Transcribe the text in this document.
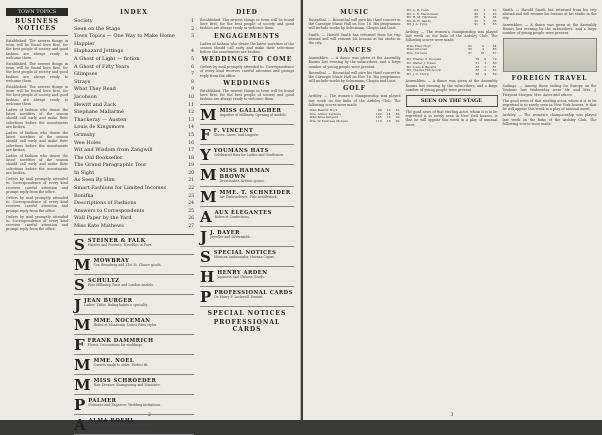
TOWN TOPICS
BUSINESS NOTICES
Established. The newest things in town will be found here first, for the best people of society and good fashion are always ready to welcome them.
Established. The newest things in town will be found here first, for the best people of society and good fashion are always ready to welcome them.
Established. The newest things in town will be found here first, for the best people of society and good fashion are always ready to welcome them.
Ladies of fashion who desire the latest novelties of the season should call early and make their selections before the assortments are broken.
Ladies of fashion who desire the latest novelties of the season should call early and make their selections before the assortments are broken.
Ladies of fashion who desire the latest novelties of the season should call early and make their selections before the assortments are broken.
Orders by mail promptly attended to. Correspondence of every kind receives careful attention and prompt reply from the office.
Orders by mail promptly attended to. Correspondence of every kind receives careful attention and prompt reply from the office.
Orders by mail promptly attended to. Correspondence of every kind receives careful attention and prompt reply from the office.
INDEX
Society	1
Seen on the Stage	2
Town Topics — One Way to Make Home Happier
3
Haphazard Jottings	4
A Ghost of Light — fiction	5
A Ghost of Fifty Years	6
Glimpses	7
Strays	8
What They Read	9
Jacobson	10
Hewitt and Zack	11
Stephane Mallarmé	12
Thackeray — Austen	13
Louis de Kingsmore	14
Grimsby	15
Wee Holes	16
Wit and Wisdom from Zangwill	17
The Old Bookseller	18
The Grand Paragraphic Tour	19
In Sight	20
As Seen By Him	21
Smart Fashions for Limited Incomes	22
Bonifka	23
Descriptions of Fashions	24
Answers to Correspondents	25
Wall Paper by the Yard	26
Miss Kate Mathews	27
S STEINER & FALK
Hatters and Furriers. Novelties in Furs.
M MOWBRAY
Cor. Broadway and 31st St. Choice goods.
S SCHULTZ
Fine Millinery. Paris and London models.
J JEAN BURGER
Ladies' Tailor. Riding habits a specialty.
M MME. NOCEMAN
Robes et Manteaux. Latest Paris styles.
F FRANK DAMMRICH
Florist. Decorations for weddings.
M MME. NOEL
Corsets made to order. Perfect fit.
M MISS SCHROEDER
Hair Dresser. Shampooing and Manicure.
P PALMER
Stationer and Engraver. Wedding invitations.
A ALMA BOEHL
Gowns. Smart costumes for all occasions.
DIED
Established. The newest things in town will be found here first, for the best people of society and good fashion are always ready to welcome them.
ENGAGEMENTS
Ladies of fashion who desire the latest novelties of the season should call early and make their selections before the assortments are broken.
WEDDINGS TO COME
Orders by mail promptly attended to. Correspondence of every kind receives careful attention and prompt reply from the office.
WEDDINGS
Established. The newest things in town will be found here first, for the best people of society and good fashion are always ready to welcome them.
M MISS GALLAGHER
Importer of Millinery. Opening of models.
F F. VINCENT
Gloves, Laces, and Lingerie.
Y YOUMANS HATS
Celebrated Hats for Ladies and Gentlemen.
M MISS HARMAN BROWN
Dressmaker. Artistic gowns.
M MME. T. SCHNEIDER
Art Embroideries. Fine needlework.
A AUX ELEGANTES
Robes et Confections.
J J. BAYER
Jeweller and Silversmith.
S SPECIAL NOTICES
Mexican Ambassador, Havana Cigars.
H HENRY ARDEN
Japanese and Chinese Goods.
P PROFESSIONAL CARDS
Dr. Harry F. Lockwell, Dentist.
SPECIAL NOTICES
PROFESSIONAL CARDS
2
MUSIC
Rosenthal. — Rosenthal will give his third concert in the Carnegie Music Hall on Nov. 16. His programme will include works by Schumann, Chopin and Liszt.
Smith. — Harold Smith has returned from his trip abroad and will resume his lessons at his studio in the city.
DANCES
Assemblies. — A dance was given at the Assembly Rooms last evening by the subscribers, and a large number of young people were present.
Rosenthal. — Rosenthal will give his third concert in the Carnegie Music Hall on Nov. 16. His programme will include works by Schumann, Chopin and Liszt.
GOLF
Ardsley. — The women's championship was played last week on the links of the Ardsley Club. The following scores were made.
Miss Beatrix Hoyt	98	12	86
Mrs. Arthur Turnure	102	14	88
Miss Nina Sargent	105	15	90
Mrs. W. Fellowes Morgan	110	18	92
Mr. A. H. Fenn	84	2	82
Mr. C. B. Macdonald	86	3	83
Mr. H. M. Harriman	88	4	84
Mr. W. H. Sands	90	5	85
Mr. J. A. Tyng	91	6	85
Ardsley. — The women's championship was played last week on the links of the Ardsley Club. The following scores were made.
Miss Ellen Hoyt	92	8	84
Miss Griscom	95	9	86
Mrs. Turnure	97	10	87
Mr. Findlay S. Douglas	79	0	79
Mr. Walter J. Travis	81	1	80
Mr. Louis P. Bayard	83	2	81
Mr. Charles Hitchcock	85	3	82
Mr. J. G. Thorp	86	4	82
Assemblies. — A dance was given at the Assembly Rooms last evening by the subscribers, and a large number of young people were present.
SEEN ON THE STAGE
The good news of that sterling actor, whom it is to be regretted is so rarely seen in New York houses, is that he will appear this week in a play of unusual merit.
Smith. — Harold Smith has returned from his trip abroad and will resume his lessons at his studio in the city.
Assemblies. — A dance was given at the Assembly Rooms last evening by the subscribers, and a large number of young people were present.
FOREIGN TRAVEL
Sailings. — Among those sailing for Europe on the Teutonic last Wednesday were Mr. and Mrs. J. Pierpont Morgan, Mrs. Astor and others.
The good news of that sterling actor, whom it is to be regretted is so rarely seen in New York houses, is that he will appear this week in a play of unusual merit.
Ardsley. — The women's championship was played last week on the links of the Ardsley Club. The following scores were made.
3
